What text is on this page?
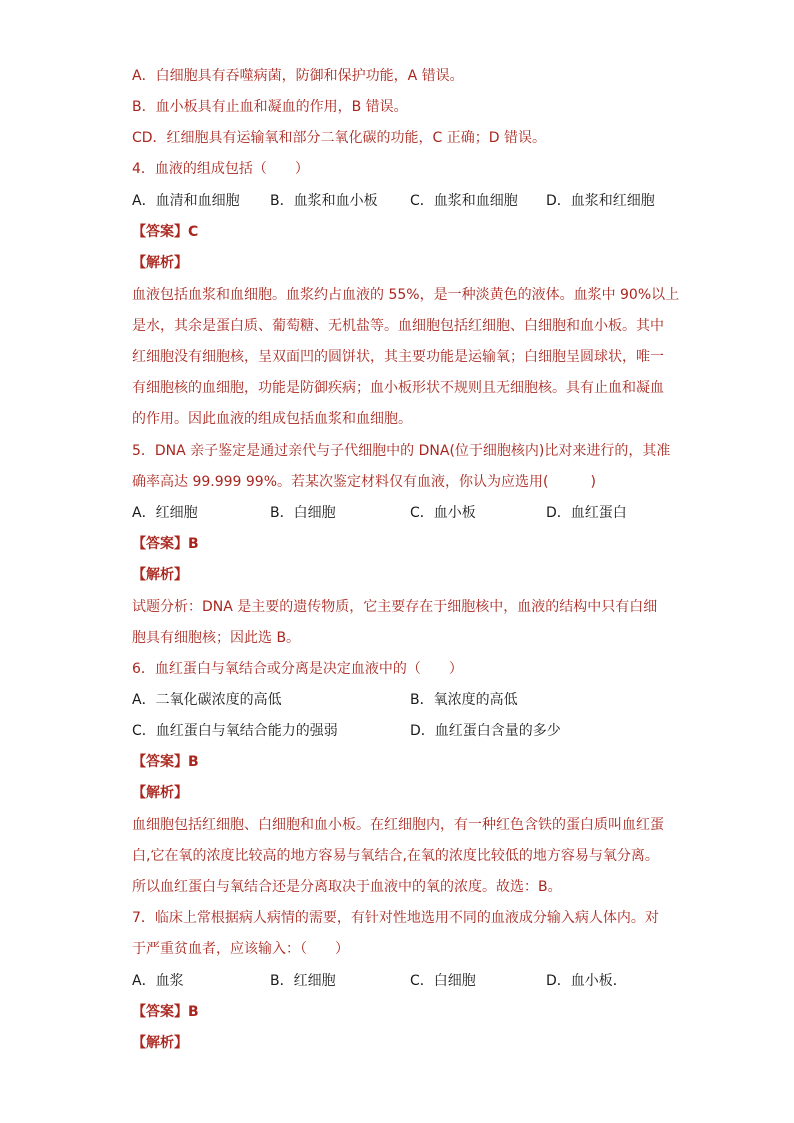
A．白细胞具有吞噬病菌，防御和保护功能，A 错误。
B．血小板具有止血和凝血的作用，B 错误。
CD．红细胞具有运输氧和部分二氧化碳的功能，C 正确；D 错误。
4．血液的组成包括（　　）
A．血清和血细胞 B．血浆和血小板 C．血浆和血细胞 D．血浆和红细胞
【答案】C
【解析】
血液包括血浆和血细胞。血浆约占血液的 55%，是一种淡黄色的液体。血浆中 90%以上
是水，其余是蛋白质、葡萄糖、无机盐等。血细胞包括红细胞、白细胞和血小板。其中
红细胞没有细胞核，呈双面凹的圆饼状，其主要功能是运输氧；白细胞呈圆球状，唯一
有细胞核的血细胞，功能是防御疾病；血小板形状不规则且无细胞核。具有止血和凝血
的作用。因此血液的组成包括血浆和血细胞。
5．DNA 亲子鉴定是通过亲代与子代细胞中的 DNA(位于细胞核内)比对来进行的，其准
确率高达 99.999 99%。若某次鉴定材料仅有血液，你认为应选用(　　　)
A．红细胞	B．白细胞	C．血小板	D．血红蛋白
【答案】B
【解析】
试题分析：DNA 是主要的遗传物质，它主要存在于细胞核中，血液的结构中只有白细
胞具有细胞核；因此选 B。
6．血红蛋白与氧结合或分离是决定血液中的（　　）
A．二氧化碳浓度的高低	B．氧浓度的高低
C．血红蛋白与氧结合能力的强弱	D．血红蛋白含量的多少
【答案】B
【解析】
血细胞包括红细胞、白细胞和血小板。在红细胞内，有一种红色含铁的蛋白质叫血红蛋
白,它在氧的浓度比较高的地方容易与氧结合,在氧的浓度比较低的地方容易与氧分离。
所以血红蛋白与氧结合还是分离取决于血液中的氧的浓度。故选：B。
7．临床上常根据病人病情的需要，有针对性地选用不同的血液成分输入病人体内。对
于严重贫血者，应该输入：（　　）
A．血浆	B．红细胞	C．白细胞	D．血小板．
【答案】B
【解析】
